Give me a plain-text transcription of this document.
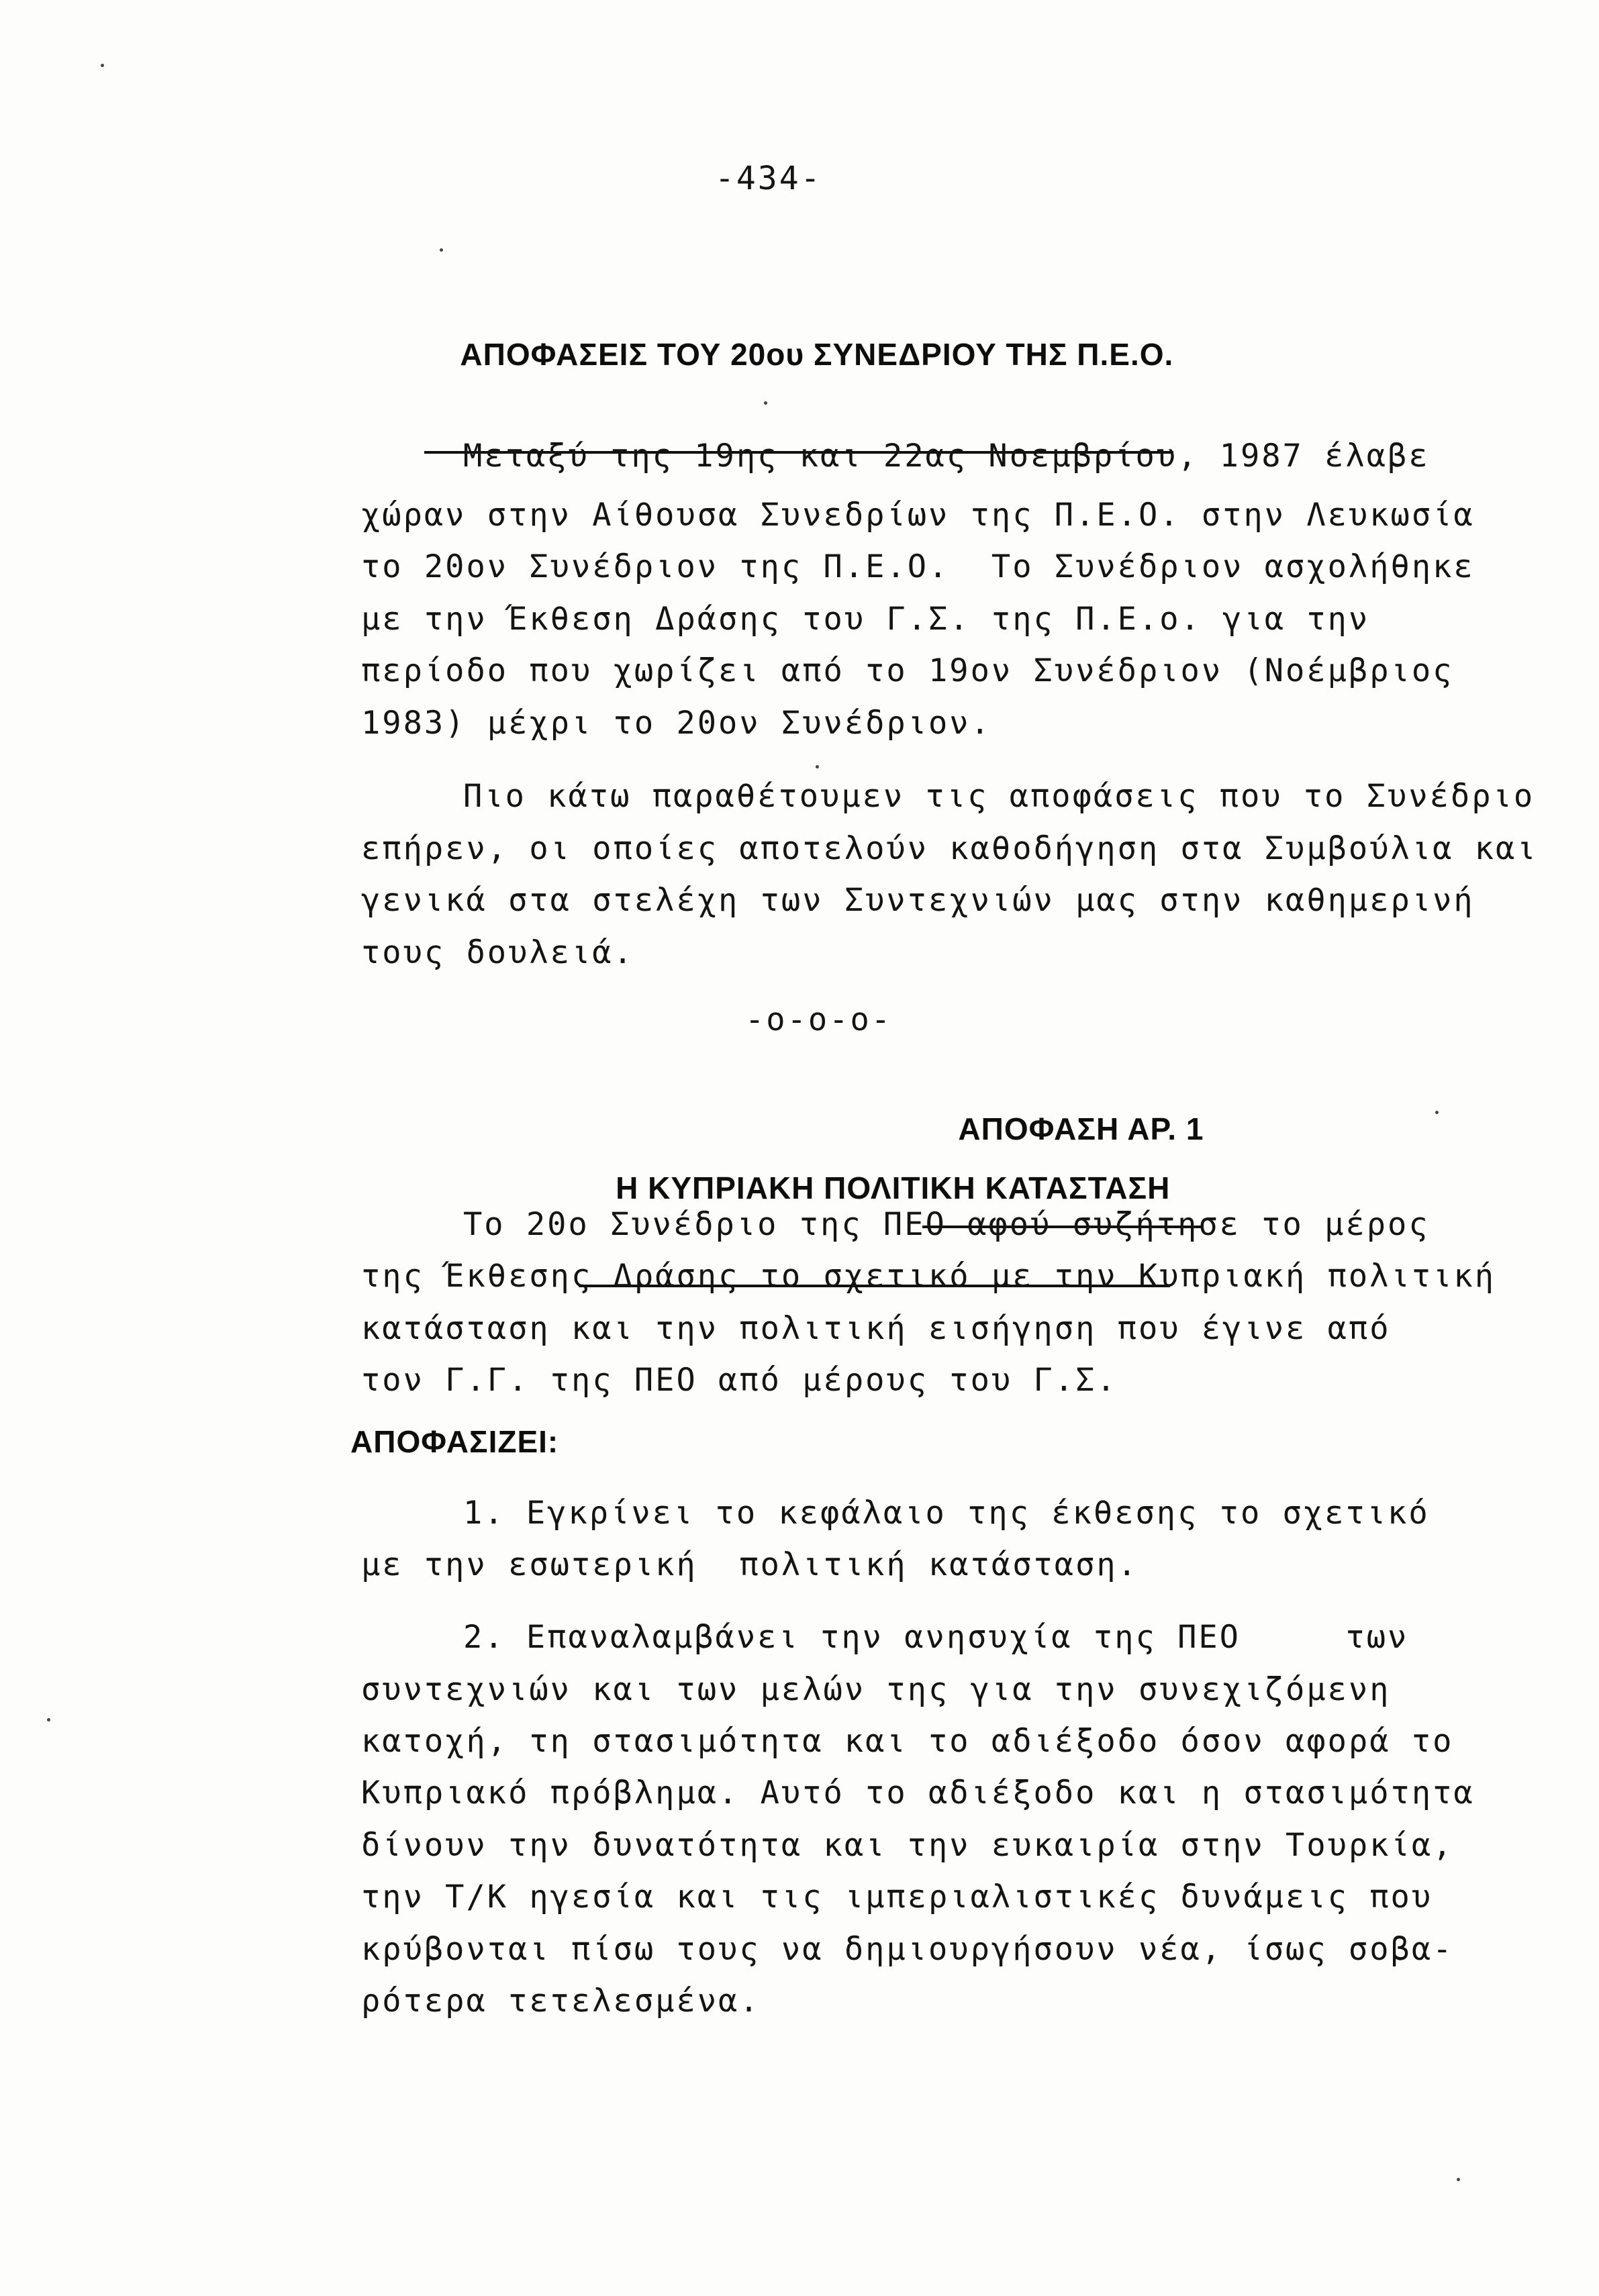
-434-

ΑΠΟΦΑΣΕΙΣ ΤΟΥ 20ου ΣΥΝΕΔΡΙΟΥ ΤΗΣ Π.Ε.Ο.

Μεταξύ της 19ης και 22ας Νοεμβρίου, 1987 έλαβε
χώραν στην Αίθουσα Συνεδρίων της Π.Ε.Ο. στην Λευκωσία
το 20ον Συνέδριον της Π.Ε.Ο.  Το Συνέδριον ασχολήθηκε
με την Έκθεση Δράσης του Γ.Σ. της Π.Ε.ο. για την
περίοδο που χωρίζει από το 19ον Συνέδριον (Νοέμβριος
1983) μέχρι το 20ον Συνέδριον.
Πιο κάτω παραθέτουμεν τις αποφάσεις που το Συνέδριο
επήρεν, οι οποίες αποτελούν καθοδήγηση στα Συμβούλια και
γενικά στα στελέχη των Συντεχνιών μας στην καθημερινή
τους δουλειά.
-ο-ο-ο-

ΑΠΟΦΑΣΗ ΑΡ. 1

Η ΚΥΠΡΙΑΚΗ ΠΟΛΙΤΙΚΗ ΚΑΤΑΣΤΑΣΗ

Το 20ο Συνέδριο της ΠΕΟ αφού συζήτησε το μέρος
της Έκθεσης Δράσης το σχετικό με την Κυπριακή πολιτική
κατάσταση και την πολιτική εισήγηση που έγινε από
τον Γ.Γ. της ΠΕΟ από μέρους του Γ.Σ.
ΑΠΟΦΑΣΙΖΕΙ:
1. Εγκρίνει το κεφάλαιο της έκθεσης το σχετικό
με την εσωτερική  πολιτική κατάσταση.
2. Επαναλαμβάνει την ανησυχία της ΠΕΟ     των
συντεχνιών και των μελών της για την συνεχιζόμενη
κατοχή, τη στασιμότητα και το αδιέξοδο όσον αφορά το
Κυπριακό πρόβλημα. Αυτό το αδιέξοδο και η στασιμότητα
δίνουν την δυνατότητα και την ευκαιρία στην Τουρκία,
την Τ/Κ ηγεσία και τις ιμπεριαλιστικές δυνάμεις που
κρύβονται πίσω τους να δημιουργήσουν νέα, ίσως σοβα-
ρότερα τετελεσμένα.
